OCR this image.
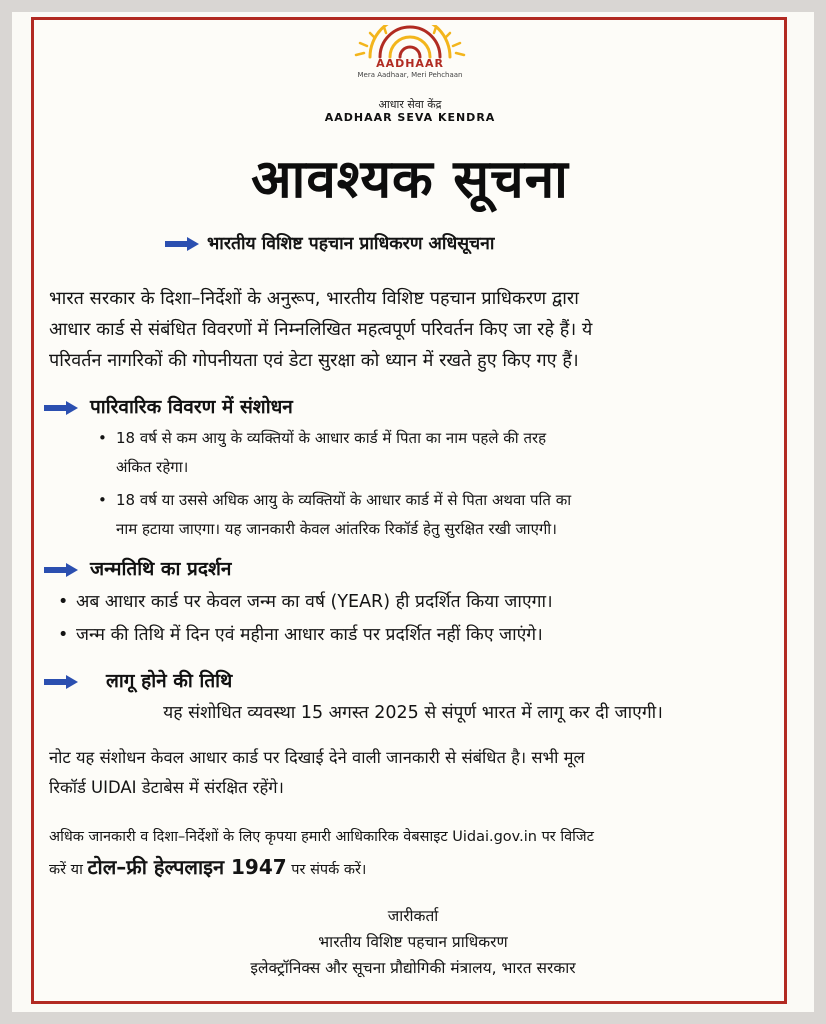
AADHAAR
Mera Aadhaar, Meri Pehchaan
आधार सेवा केंद्र
AADHAAR SEVA KENDRA
आवश्यक सूचना
भारतीय विशिष्ट पहचान प्राधिकरण अधिसूचना
भारत सरकार के दिशा–निर्देशों के अनुरूप, भारतीय विशिष्ट पहचान प्राधिकरण द्वारा
आधार कार्ड से संबंधित विवरणों में निम्नलिखित महत्वपूर्ण परिवर्तन किए जा रहे हैं। ये
परिवर्तन नागरिकों की गोपनीयता एवं डेटा सुरक्षा को ध्यान में रखते हुए किए गए हैं।
पारिवारिक विवरण में संशोधन
• 18 वर्ष से कम आयु के व्यक्तियों के आधार कार्ड में पिता का नाम पहले की तरह
अंकित रहेगा।
• 18 वर्ष या उससे अधिक आयु के व्यक्तियों के आधार कार्ड में से पिता अथवा पति का
नाम हटाया जाएगा। यह जानकारी केवल आंतरिक रिकॉर्ड हेतु सुरक्षित रखी जाएगी।
जन्मतिथि का प्रदर्शन
• अब आधार कार्ड पर केवल जन्म का वर्ष (YEAR) ही प्रदर्शित किया जाएगा।
• जन्म की तिथि में दिन एवं महीना आधार कार्ड पर प्रदर्शित नहीं किए जाएंगे।
लागू होने की तिथि
यह संशोधित व्यवस्था 15 अगस्त 2025 से संपूर्ण भारत में लागू कर दी जाएगी।
नोट यह संशोधन केवल आधार कार्ड पर दिखाई देने वाली जानकारी से संबंधित है। सभी मूल
रिकॉर्ड UIDAI डेटाबेस में संरक्षित रहेंगे।
अधिक जानकारी व दिशा–निर्देशों के लिए कृपया हमारी आधिकारिक वेबसाइट Uidai.gov.in पर विजिट
करें या टोल–फ्री हेल्पलाइन 1947 पर संपर्क करें।
जारीकर्ता
भारतीय विशिष्ट पहचान प्राधिकरण
इलेक्ट्रॉनिक्स और सूचना प्रौद्योगिकी मंत्रालय, भारत सरकार
